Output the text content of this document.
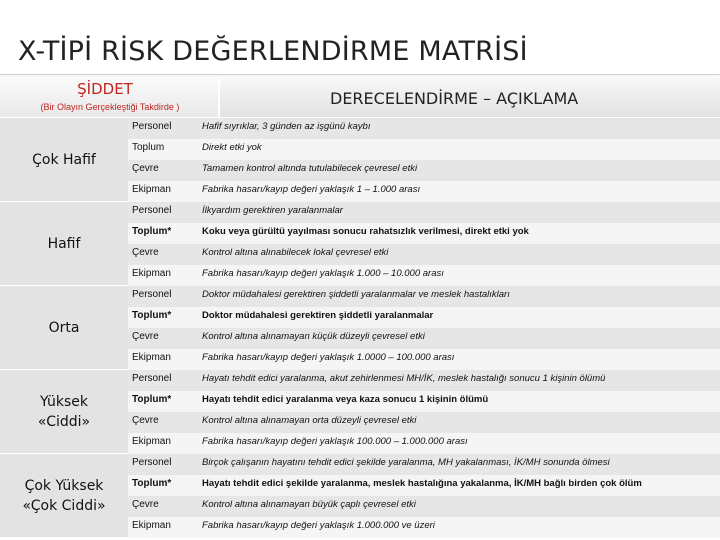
X-TİPİ RİSK DEĞERLENDİRME MATRİSİ
ŞİDDET
(Bir Olayın Gerçekleştiği Takdirde )	DERECELENDİRME – AÇIKLAMA
Çok Hafif
Personel	Hafif sıyrıklar, 3 günden az işgünü kaybı
Toplum	Direkt etki yok
Çevre	Tamamen kontrol altında tutulabilecek çevresel etki
Ekipman	Fabrika hasarı/kayıp değeri yaklaşık 1 – 1.000 arası
Hafif
Personel	İlkyardım gerektiren yaralanmalar
Toplum*	Koku veya gürültü yayılması sonucu rahatsızlık verilmesi, direkt etki yok
Çevre	Kontrol altına alınabilecek lokal çevresel etki
Ekipman	Fabrika hasarı/kayıp değeri yaklaşık 1.000 – 10.000 arası
Orta
Personel	Doktor müdahalesi gerektiren şiddetli yaralanmalar ve meslek hastalıkları
Toplum*	Doktor müdahalesi gerektiren şiddetli yaralanmalar
Çevre	Kontrol altına alınamayan küçük düzeyli çevresel etki
Ekipman	Fabrika hasarı/kayıp değeri yaklaşık 1.0000 – 100.000 arası
Yüksek
«Ciddi»
Personel	Hayatı tehdit edici yaralanma, akut zehirlenmesi MH/İK, meslek hastalığı sonucu 1 kişinin ölümü
Toplum*	Hayatı tehdit edici yaralanma veya kaza sonucu 1 kişinin ölümü
Çevre	Kontrol altına alınamayan orta düzeyli çevresel etki
Ekipman	Fabrika hasarı/kayıp değeri yaklaşık 100.000 – 1.000.000 arası
Çok Yüksek
«Çok Ciddi»
Personel	Birçok çalışanın hayatını tehdit edici şekilde yaralanma, MH yakalanması, İK/MH sonunda ölmesi
Toplum*	Hayatı tehdit edici şekilde yaralanma, meslek hastalığına yakalanma, İK/MH bağlı birden çok ölüm
Çevre	Kontrol altına alınamayan büyük çaplı çevresel etki
Ekipman	Fabrika hasarı/kayıp değeri yaklaşık 1.000.000 ve üzeri
